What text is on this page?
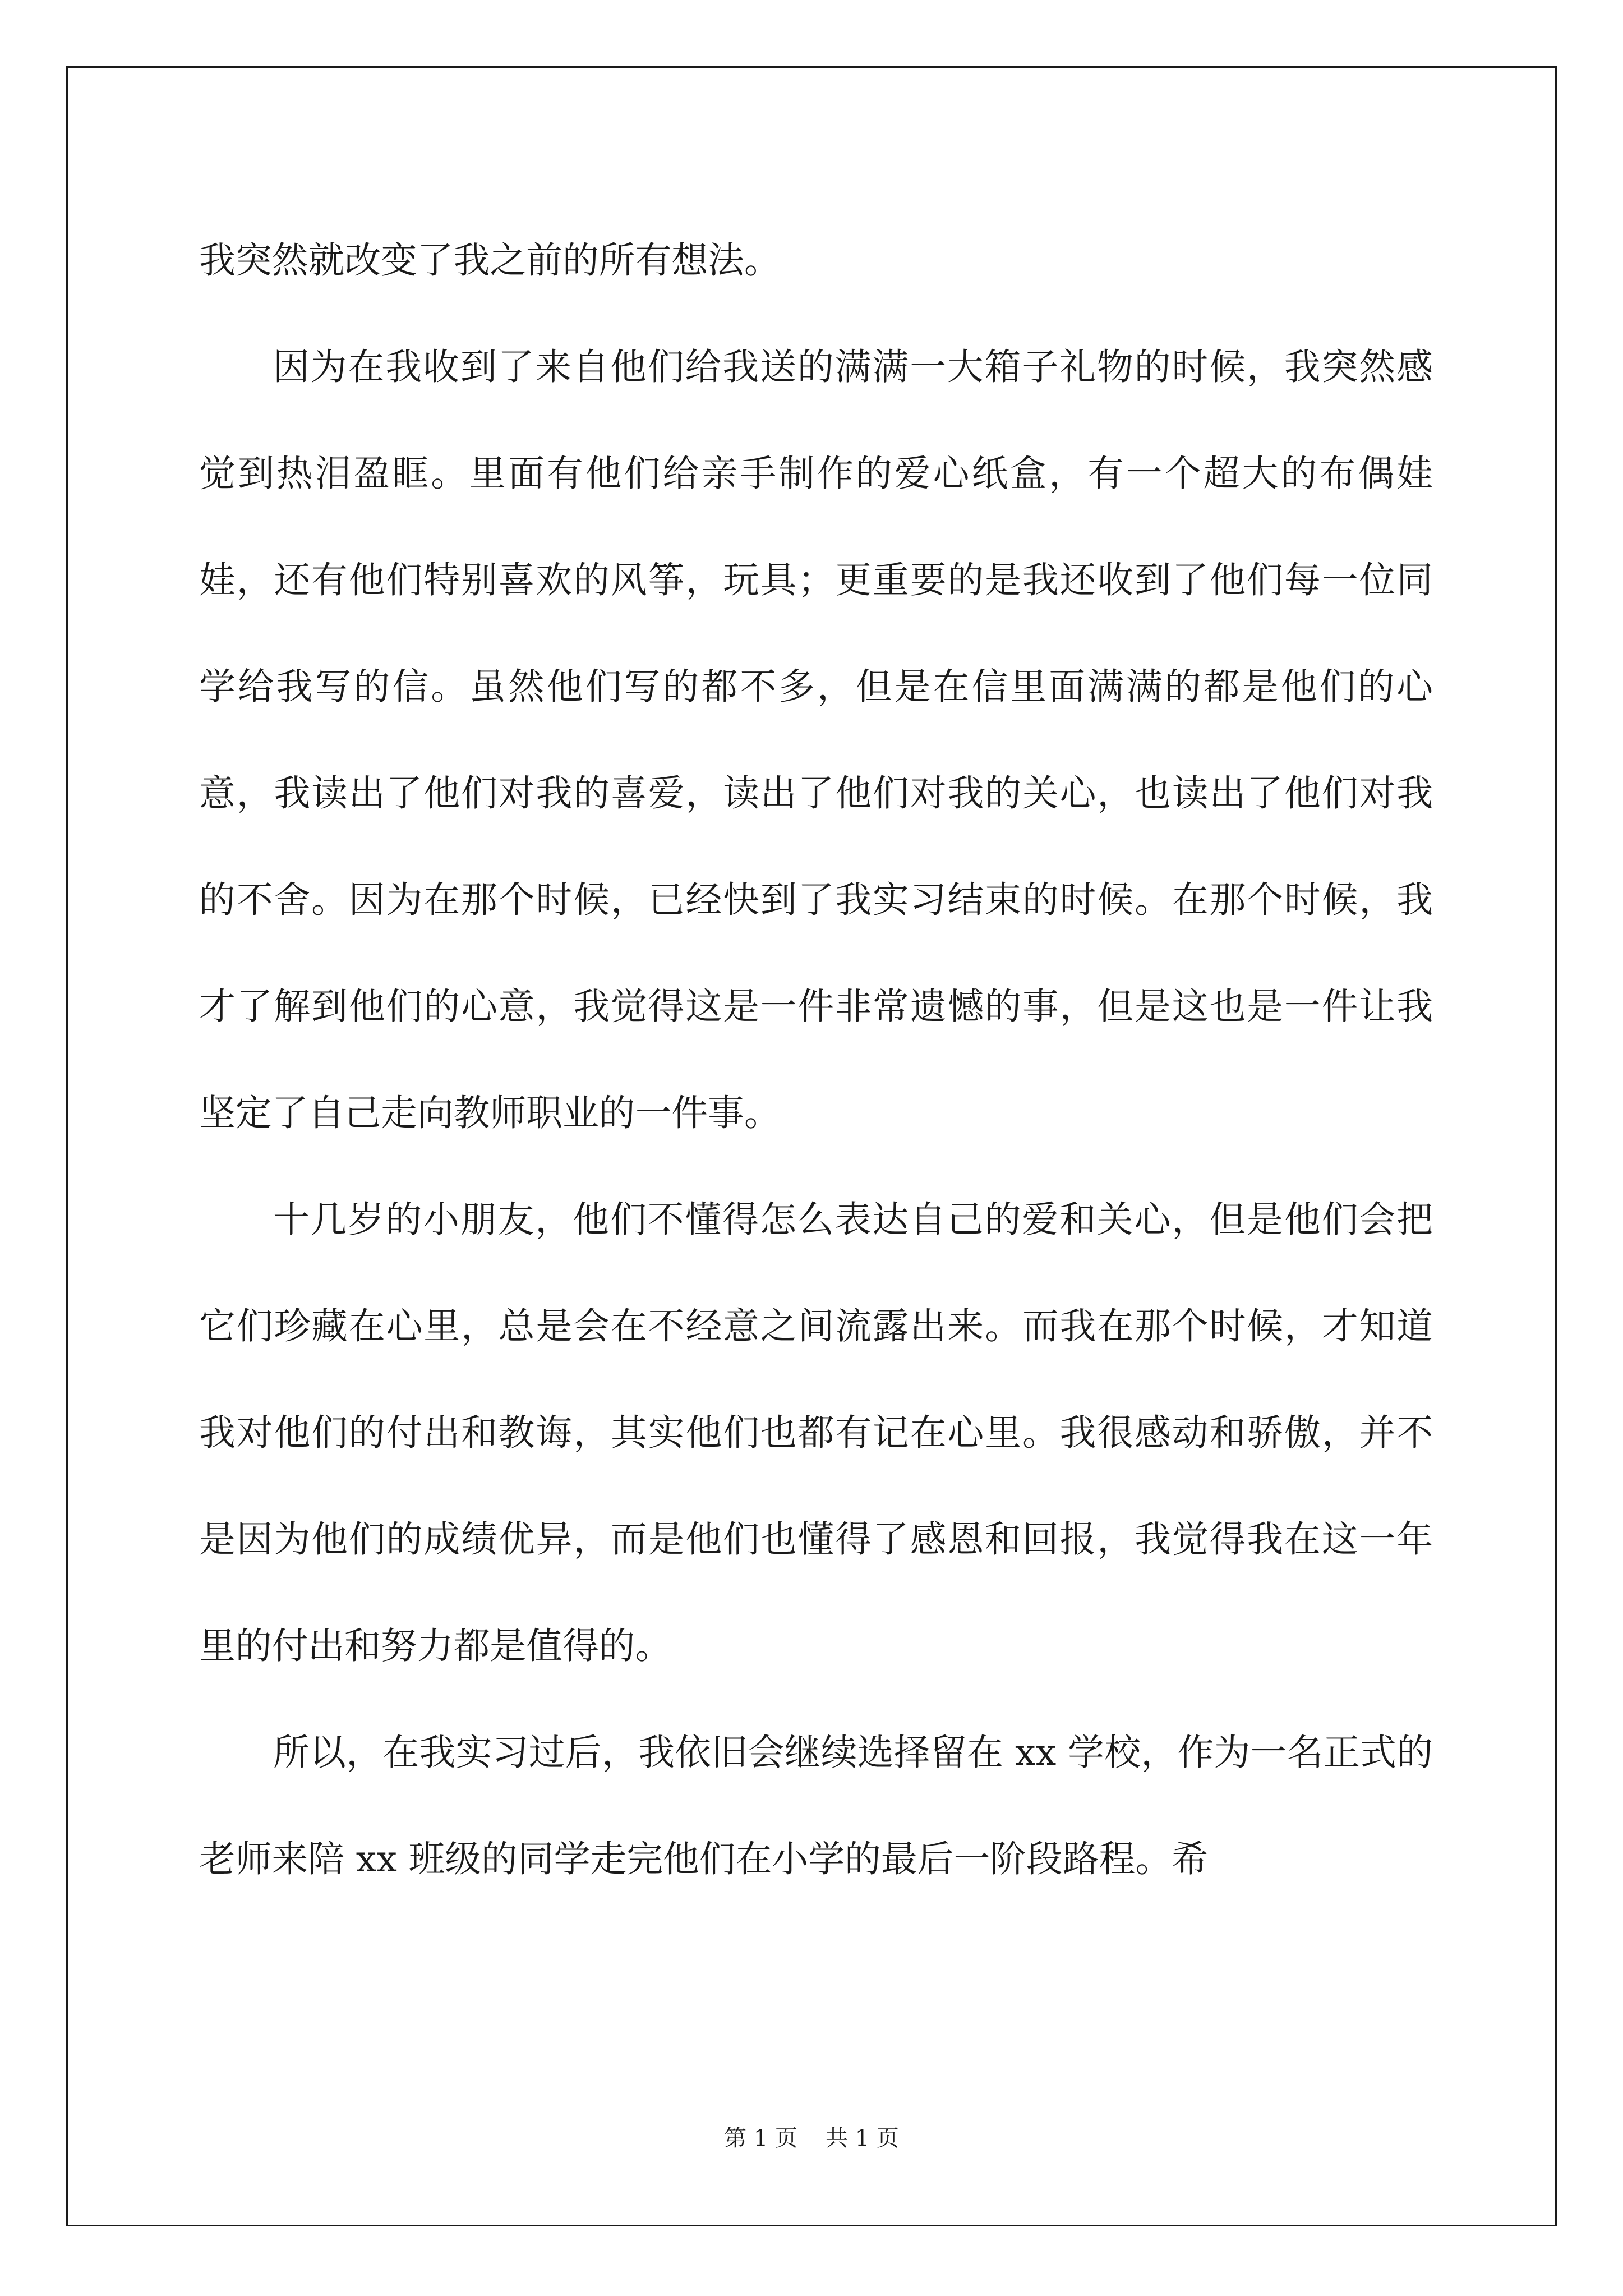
我突然就改变了我之前的所有想法。

因为在我收到了来自他们给我送的满满一大箱子礼物的时候，我突然感觉到热泪盈眶。里面有他们给亲手制作的爱心纸盒，有一个超大的布偶娃娃，还有他们特别喜欢的风筝，玩具；更重要的是我还收到了他们每一位同学给我写的信。虽然他们写的都不多，但是在信里面满满的都是他们的心意，我读出了他们对我的喜爱，读出了他们对我的关心，也读出了他们对我的不舍。因为在那个时候，已经快到了我实习结束的时候。在那个时候，我才了解到他们的心意，我觉得这是一件非常遗憾的事，但是这也是一件让我坚定了自己走向教师职业的一件事。

十几岁的小朋友，他们不懂得怎么表达自己的爱和关心，但是他们会把它们珍藏在心里，总是会在不经意之间流露出来。而我在那个时候，才知道我对他们的付出和教诲，其实他们也都有记在心里。我很感动和骄傲，并不是因为他们的成绩优异，而是他们也懂得了感恩和回报，我觉得我在这一年里的付出和努力都是值得的。

所以，在我实习过后，我依旧会继续选择留在 xx 学校，作为一名正式的老师来陪 xx 班级的同学走完他们在小学的最后一阶段路程。希

第 1 页 共 1 页
